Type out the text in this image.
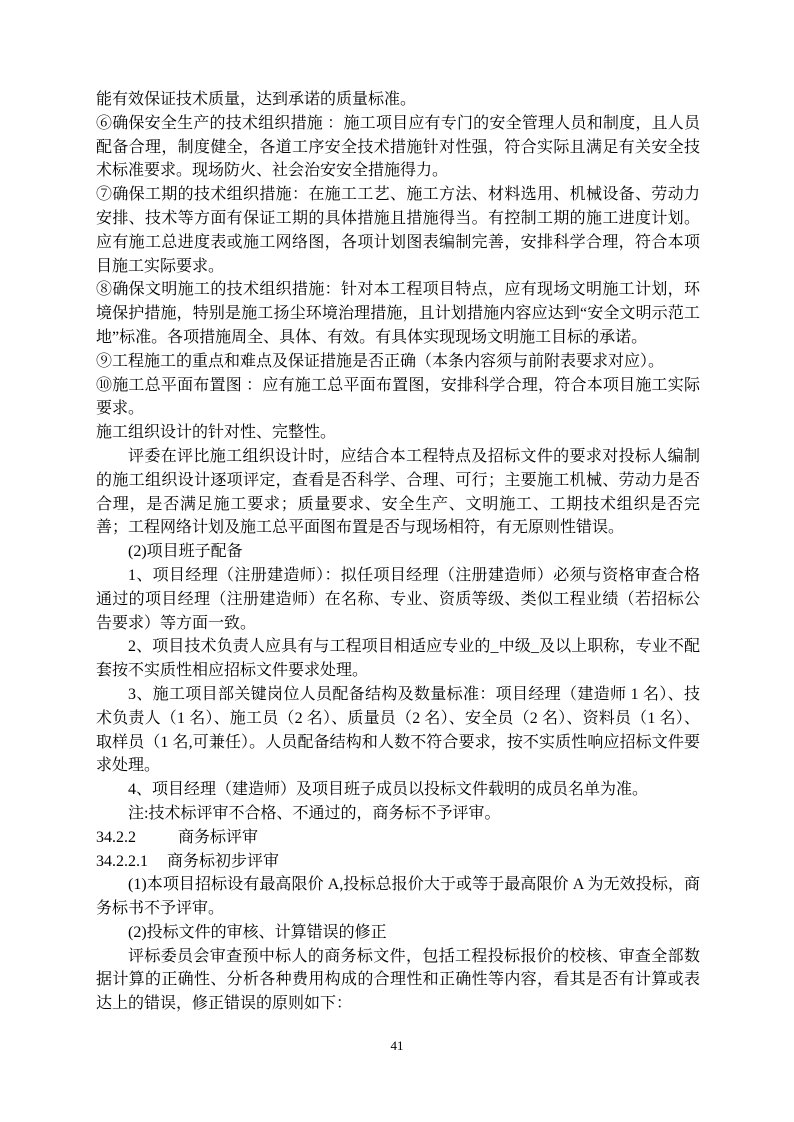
能有效保证技术质量，达到承诺的质量标准。

⑥确保安全生产的技术组织措施 ：施工项目应有专门的安全管理人员和制度，且人员配备合理，制度健全，各道工序安全技术措施针对性强，符合实际且满足有关安全技术标准要求。现场防火、社会治安安全措施得力。

⑦确保工期的技术组织措施：在施工工艺、施工方法、材料选用、机械设备、劳动力安排、技术等方面有保证工期的具体措施且措施得当。有控制工期的施工进度计划。应有施工总进度表或施工网络图，各项计划图表编制完善，安排科学合理，符合本项目施工实际要求。

⑧确保文明施工的技术组织措施：针对本工程项目特点，应有现场文明施工计划，环境保护措施，特别是施工扬尘环境治理措施，且计划措施内容应达到“安全文明示范工地”标准。各项措施周全、具体、有效。有具体实现现场文明施工目标的承诺。

⑨工程施工的重点和难点及保证措施是否正确（本条内容须与前附表要求对应）。

⑩施工总平面布置图 ：应有施工总平面布置图，安排科学合理，符合本项目施工实际要求。

施工组织设计的针对性、完整性。

评委在评比施工组织设计时，应结合本工程特点及招标文件的要求对投标人编制的施工组织设计逐项评定，查看是否科学、合理、可行；主要施工机械、劳动力是否合理，是否满足施工要求；质量要求、安全生产、文明施工、工期技术组织是否完善；工程网络计划及施工总平面图布置是否与现场相符，有无原则性错误。

(2)项目班子配备

1、项目经理（注册建造师）：拟任项目经理（注册建造师）必须与资格审查合格通过的项目经理（注册建造师）在名称、专业、资质等级、类似工程业绩（若招标公告要求）等方面一致。

2、项目技术负责人应具有与工程项目相适应专业的_中级_及以上职称，专业不配套按不实质性相应招标文件要求处理。

3、施工项目部关键岗位人员配备结构及数量标准：项目经理（建造师 1 名）、技术负责人（1 名）、施工员（2 名）、质量员（2 名）、安全员（2 名）、资料员（1 名）、取样员（1 名,可兼任）。人员配备结构和人数不符合要求，按不实质性响应招标文件要求处理。

4、项目经理（建造师）及项目班子成员以投标文件载明的成员名单为准。

注:技术标评审不合格、不通过的，商务标不予评审。

34.2.2	商务标评审

34.2.2.1 商务标初步评审

(1)本项目招标设有最高限价 A,投标总报价大于或等于最高限价 A 为无效投标，商务标书不予评审。

(2)投标文件的审核、计算错误的修正

评标委员会审查预中标人的商务标文件，包括工程投标报价的校核、审查全部数据计算的正确性、分析各种费用构成的合理性和正确性等内容，看其是否有计算或表达上的错误，修正错误的原则如下：

41
